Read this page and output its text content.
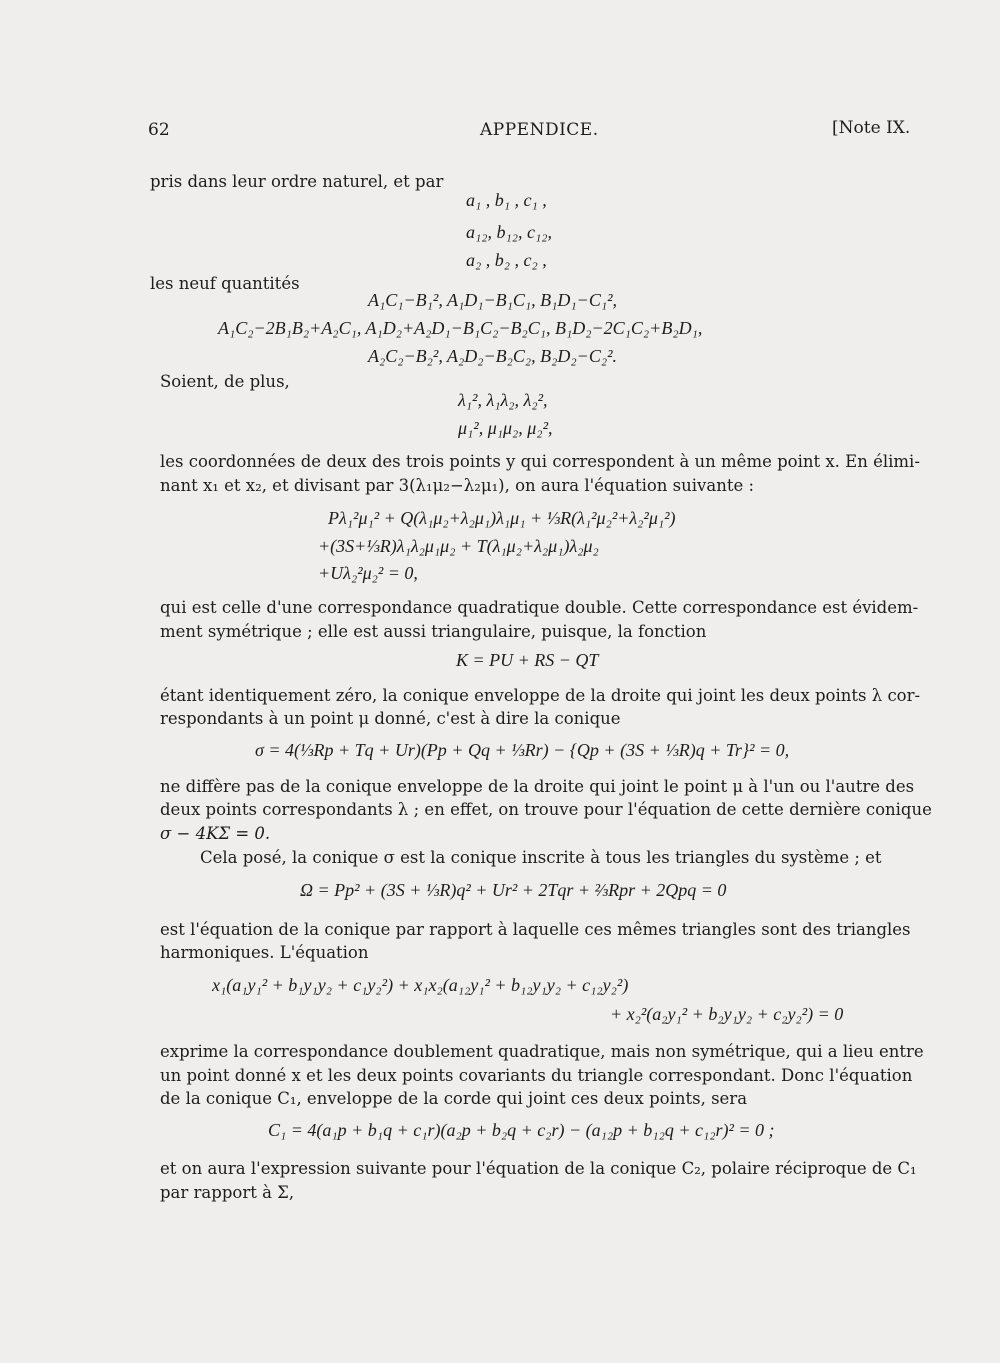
62	APPENDICE.	[Note IX.
pris dans leur ordre naturel, et par
a₁ , b₁ , c₁ ,
a₁₂, b₁₂, c₁₂,
a₂ , b₂ , c₂ ,
les neuf quantités
A₁C₁−B₁², A₁D₁−B₁C₁, B₁D₁−C₁²,
A₁C₂−2B₁B₂+A₂C₁, A₁D₂+A₂D₁−B₁C₂−B₂C₁, B₁D₂−2C₁C₂+B₂D₁,
A₂C₂−B₂², A₂D₂−B₂C₂, B₂D₂−C₂².
Soient, de plus,
λ₁², λ₁λ₂, λ₂²,
μ₁², μ₁μ₂, μ₂²,
les coordonnées de deux des trois points y qui correspondent à un même point x. En élimi-
nant x₁ et x₂, et divisant par 3(λ₁μ₂−λ₂μ₁), on aura l'équation suivante :
Pλ₁²μ₁² + Q(λ₁μ₂+λ₂μ₁)λ₁μ₁ + ⅓R(λ₁²μ₂²+λ₂²μ₁²)
+(3S+⅓R)λ₁λ₂μ₁μ₂ + T(λ₁μ₂+λ₂μ₁)λ₂μ₂
+Uλ₂²μ₂² = 0,
qui est celle d'une correspondance quadratique double. Cette correspondance est évidem-
ment symétrique ; elle est aussi triangulaire, puisque, la fonction
K = PU + RS − QT
étant identiquement zéro, la conique enveloppe de la droite qui joint les deux points λ cor-
respondants à un point μ donné, c'est à dire la conique
σ = 4(⅓Rp + Tq + Ur)(Pp + Qq + ⅓Rr) − {Qp + (3S + ⅓R)q + Tr}² = 0,
ne diffère pas de la conique enveloppe de la droite qui joint le point μ à l'un ou l'autre des
deux points correspondants λ ; en effet, on trouve pour l'équation de cette dernière conique
σ − 4KΣ = 0.
Cela posé, la conique σ est la conique inscrite à tous les triangles du système ; et
Ω = Pp² + (3S + ⅓R)q² + Ur² + 2Tqr + ⅔Rpr + 2Qpq = 0
est l'équation de la conique par rapport à laquelle ces mêmes triangles sont des triangles
harmoniques. L'équation
x₁(a₁y₁² + b₁y₁y₂ + c₁y₂²) + x₁x₂(a₁₂y₁² + b₁₂y₁y₂ + c₁₂y₂²)
+ x₂²(a₂y₁² + b₂y₁y₂ + c₂y₂²) = 0
exprime la correspondance doublement quadratique, mais non symétrique, qui a lieu entre
un point donné x et les deux points covariants du triangle correspondant. Donc l'équation
de la conique C₁, enveloppe de la corde qui joint ces deux points, sera
C₁ = 4(a₁p + b₁q + c₁r)(a₂p + b₂q + c₂r) − (a₁₂p + b₁₂q + c₁₂r)² = 0 ;
et on aura l'expression suivante pour l'équation de la conique C₂, polaire réciproque de C₁
par rapport à Σ,
